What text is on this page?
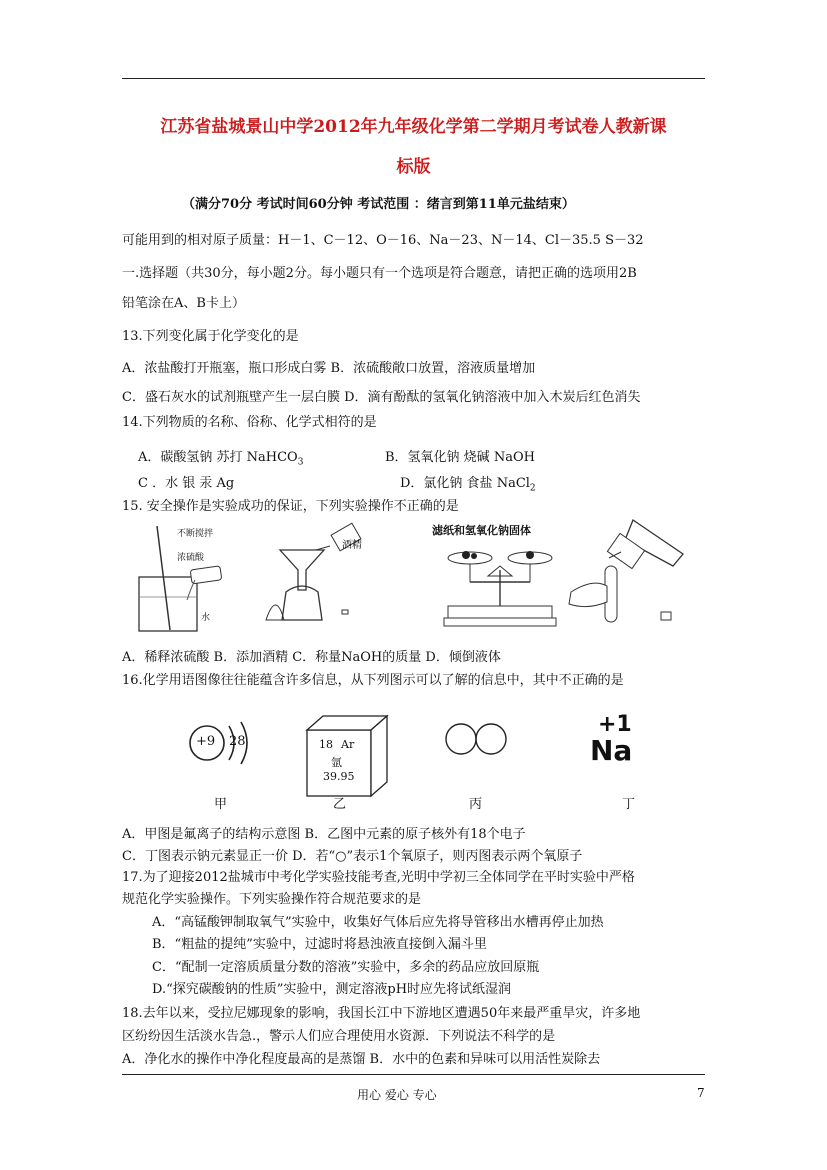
江苏省盐城景山中学2012年九年级化学第二学期月考试卷人教新课
标版
（满分70分 考试时间60分钟 考试范围 ：绪言到第11单元盐结束）
可能用到的相对原子质量：H－1、C－12、O－16、Na－23、N－14、Cl－35.5 S－32
一.选择题（共30分，每小题2分。每小题只有一个选项是符合题意，请把正确的选项用2B
铅笔涂在A、B卡上）
13.下列变化属于化学变化的是
A．浓盐酸打开瓶塞，瓶口形成白雾 B．浓硫酸敞口放置，溶液质量增加
C．盛石灰水的试剂瓶壁产生一层白膜 D．滴有酚酞的氢氧化钠溶液中加入木炭后红色消失
14.下列物质的名称、俗称、化学式相符的是
A．碳酸氢钠 苏打 NaHCO$_3$	B．氢氧化钠 烧碱 NaOH
C ．水 银 汞 Ag	D．氯化钠 食盐 NaCl$_2$
15. 安全操作是实验成功的保证，下列实验操作不正确的是
不断搅拌
浓硫酸
水
酒精
滤纸和氢氧化钠固体
A．稀释浓硫酸 B．添加酒精 C．称量NaOH的质量 D．倾倒液体
16.化学用语图像往往能蕴含许多信息，从下列图示可以了解的信息中，其中不正确的是
+9 28	18 Ar
氩
39.95
+1
Na
甲	乙	丙	丁
A．甲图是氟离子的结构示意图 B．乙图中元素的原子核外有18个电子
C．丁图表示钠元素显正一价 D．若“○”表示1个氧原子，则丙图表示两个氧原子
17.为了迎接2012盐城市中考化学实验技能考查,光明中学初三全体同学在平时实验中严格
规范化学实验操作。下列实验操作符合规范要求的是
A．“高锰酸钾制取氧气”实验中，收集好气体后应先将导管移出水槽再停止加热
B．“粗盐的提纯”实验中，过滤时将悬浊液直接倒入漏斗里
C．“配制一定溶质质量分数的溶液”实验中，多余的药品应放回原瓶
D.“探究碳酸钠的性质”实验中，测定溶液pH时应先将试纸湿润
18.去年以来，受拉尼娜现象的影响，我国长江中下游地区遭遇50年来最严重旱灾，许多地
区纷纷因生活淡水告急.，警示人们应合理使用水资源．下列说法不科学的是
A．净化水的操作中净化程度最高的是蒸馏 B．水中的色素和异味可以用活性炭除去
用心 爱心 专心	7
